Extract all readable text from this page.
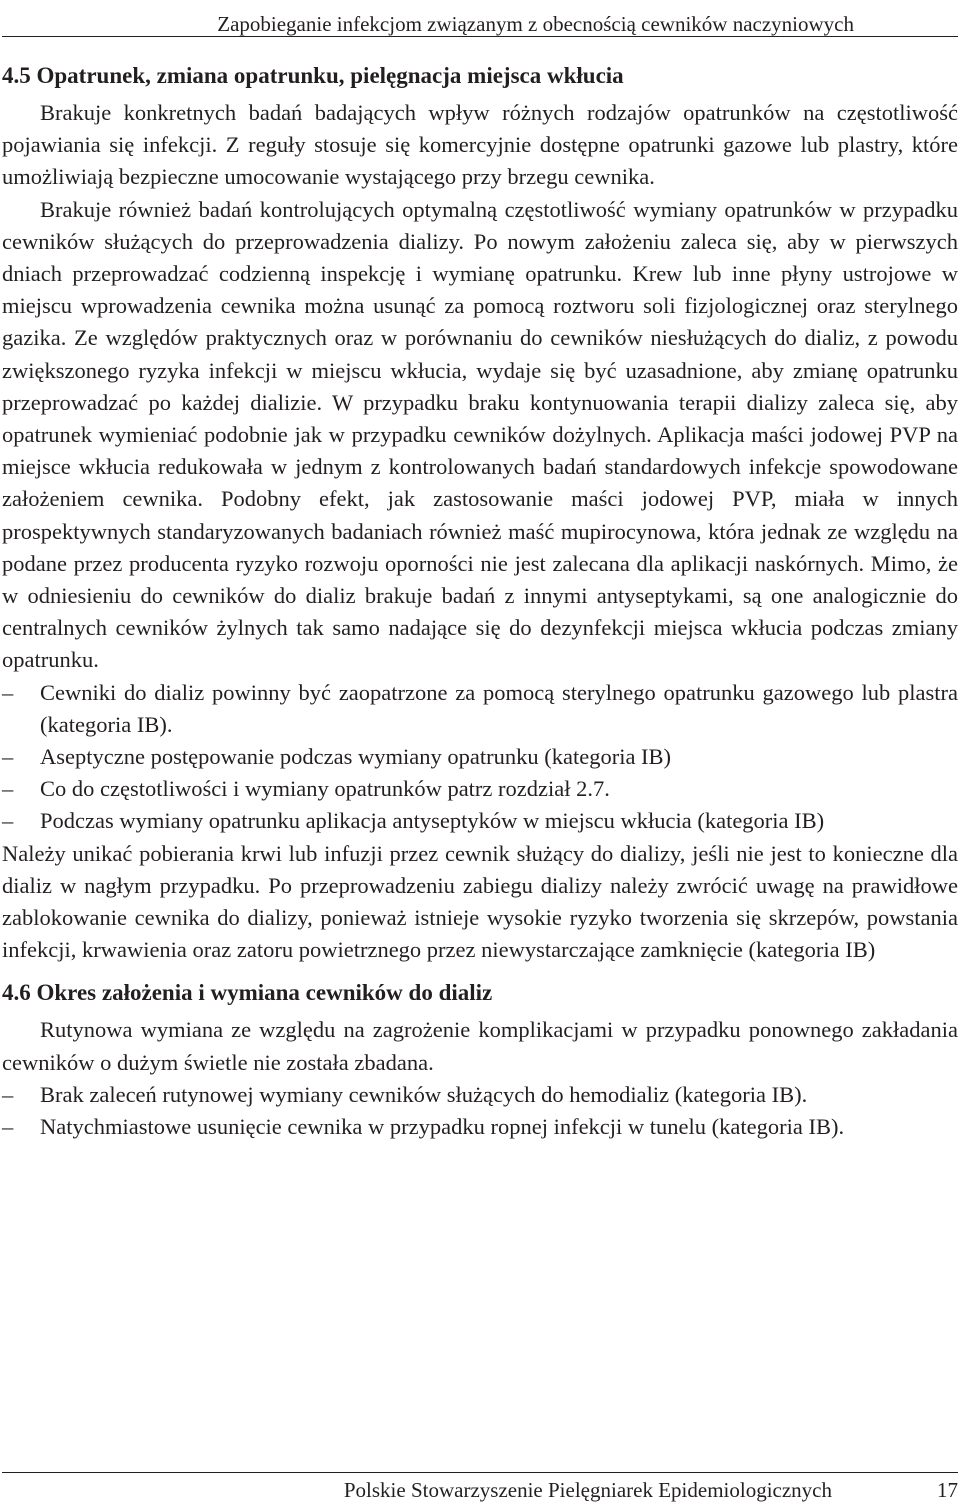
Zapobieganie infekcjom związanym z obecnością cewników naczyniowych
4.5 Opatrunek, zmiana opatrunku, pielęgnacja miejsca wkłucia

Brakuje konkretnych badań badających wpływ różnych rodzajów opatrunków na częstotliwość pojawiania się infekcji. Z reguły stosuje się komercyjnie dostępne opatrunki gazowe lub plastry, które umożliwiają bezpieczne umocowanie wystającego przy brzegu cewnika.

Brakuje również badań kontrolujących optymalną częstotliwość wymiany opatrunków w przypadku cewników służących do przeprowadzenia dializy. Po nowym założeniu zaleca się, aby w pierwszych dniach przeprowadzać codzienną inspekcję i wymianę opatrunku. Krew lub inne płyny ustrojowe w miejscu wprowadzenia cewnika można usunąć za pomocą roztworu soli fizjologicznej oraz sterylnego gazika. Ze względów praktycznych oraz w porównaniu do cewników niesłużących do dializ, z powodu zwiększonego ryzyka infekcji w miejscu wkłucia, wydaje się być uzasadnione, aby zmianę opatrunku przeprowadzać po każdej dializie. W przypadku braku kontynuowania terapii dializy zaleca się, aby opatrunek wymieniać podobnie jak w przypadku cewników dożylnych. Aplikacja maści jodowej PVP na miejsce wkłucia redukowała w jednym z kontrolowanych badań standardowych infekcje spowodowane założeniem cewnika. Podobny efekt, jak zastosowanie maści jodowej PVP, miała w innych prospektywnych standaryzowanych badaniach również maść mupirocynowa, która jednak ze względu na podane przez producenta ryzyko rozwoju oporności nie jest zalecana dla aplikacji naskórnych. Mimo, że w odniesieniu do cewników do dializ brakuje badań z innymi antyseptykami, są one analogicznie do centralnych cewników żylnych tak samo nadające się do dezynfekcji miejsca wkłucia podczas zmiany opatrunku.

– Cewniki do dializ powinny być zaopatrzone za pomocą sterylnego opatrunku gazowego lub plastra (kategoria IB).
– Aseptyczne postępowanie podczas wymiany opatrunku (kategoria IB)
– Co do częstotliwości i wymiany opatrunków patrz rozdział 2.7.
– Podczas wymiany opatrunku aplikacja antyseptyków w miejscu wkłucia (kategoria IB)

Należy unikać pobierania krwi lub infuzji przez cewnik służący do dializy, jeśli nie jest to konieczne dla dializ w nagłym przypadku. Po przeprowadzeniu zabiegu dializy należy zwrócić uwagę na prawidłowe zablokowanie cewnika do dializy, ponieważ istnieje wysokie ryzyko tworzenia się skrzepów, powstania infekcji, krwawienia oraz zatoru powietrznego przez niewystarczające zamknięcie (kategoria IB)

4.6 Okres założenia i wymiana cewników do dializ

Rutynowa wymiana ze względu na zagrożenie komplikacjami w przypadku ponownego zakładania cewników o dużym świetle nie została zbadana.

– Brak zaleceń rutynowej wymiany cewników służących do hemodializ (kategoria IB).
– Natychmiastowe usunięcie cewnika w przypadku ropnej infekcji w tunelu (kategoria IB).
Polskie Stowarzyszenie Pielęgniarek Epidemiologicznych	17
